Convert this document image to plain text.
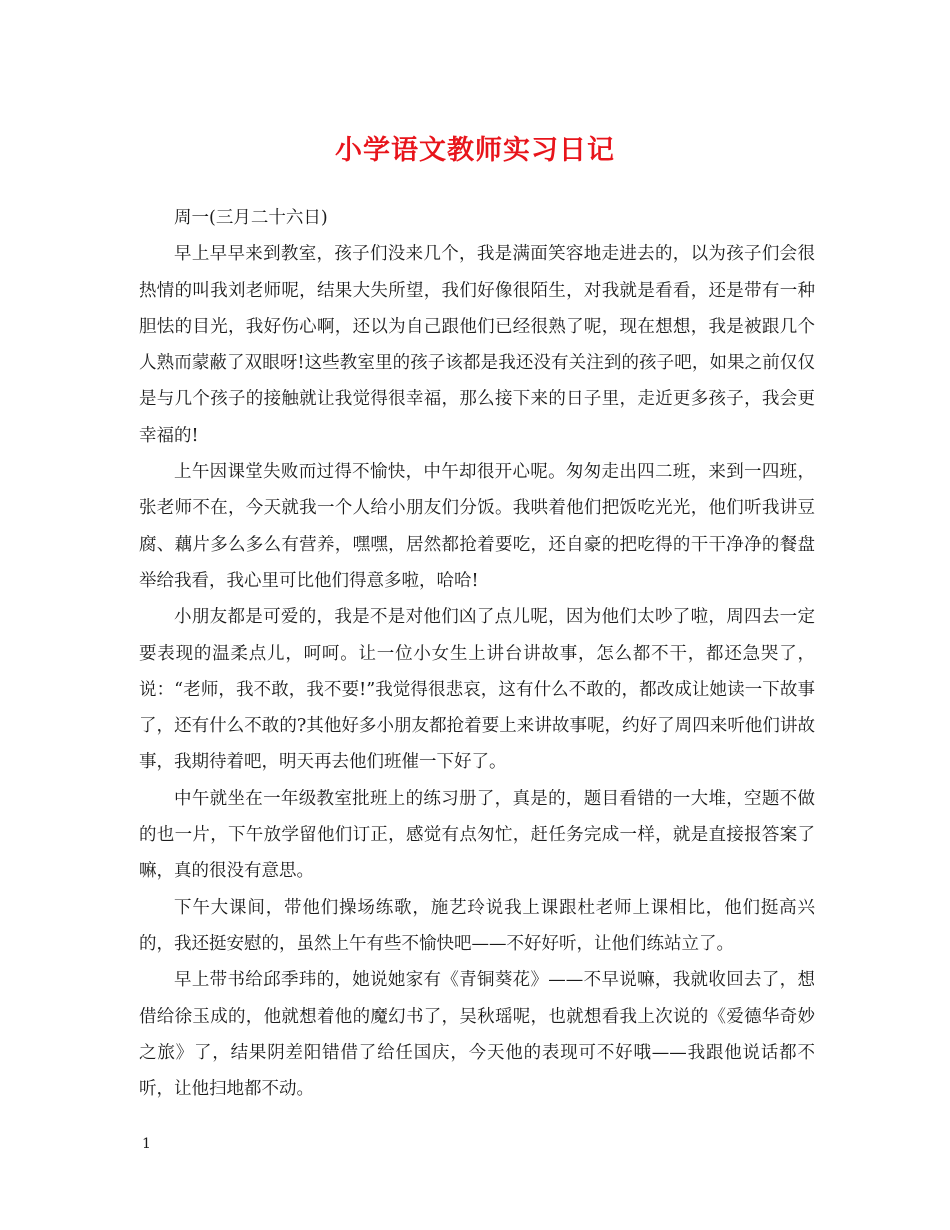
小学语文教师实习日记

周一(三月二十六日)

早上早早来到教室，孩子们没来几个，我是满面笑容地走进去的，以为孩子们会很热情的叫我刘老师呢，结果大失所望，我们好像很陌生，对我就是看看，还是带有一种胆怯的目光，我好伤心啊，还以为自己跟他们已经很熟了呢，现在想想，我是被跟几个人熟而蒙蔽了双眼呀!这些教室里的孩子该都是我还没有关注到的孩子吧，如果之前仅仅是与几个孩子的接触就让我觉得很幸福，那么接下来的日子里，走近更多孩子，我会更幸福的!

上午因课堂失败而过得不愉快，中午却很开心呢。匆匆走出四二班，来到一四班，张老师不在，今天就我一个人给小朋友们分饭。我哄着他们把饭吃光光，他们听我讲豆腐、藕片多么多么有营养，嘿嘿，居然都抢着要吃，还自豪的把吃得的干干净净的餐盘举给我看，我心里可比他们得意多啦，哈哈!

小朋友都是可爱的，我是不是对他们凶了点儿呢，因为他们太吵了啦，周四去一定要表现的温柔点儿，呵呵。让一位小女生上讲台讲故事，怎么都不干，都还急哭了，说：“老师，我不敢，我不要!”我觉得很悲哀，这有什么不敢的，都改成让她读一下故事了，还有什么不敢的?其他好多小朋友都抢着要上来讲故事呢，约好了周四来听他们讲故事，我期待着吧，明天再去他们班催一下好了。

中午就坐在一年级教室批班上的练习册了，真是的，题目看错的一大堆，空题不做的也一片，下午放学留他们订正，感觉有点匆忙，赶任务完成一样，就是直接报答案了嘛，真的很没有意思。

下午大课间，带他们操场练歌，施艺玲说我上课跟杜老师上课相比，他们挺高兴的，我还挺安慰的，虽然上午有些不愉快吧——不好好听，让他们练站立了。

早上带书给邱季玮的，她说她家有《青铜葵花》——不早说嘛，我就收回去了，想借给徐玉成的，他就想着他的魔幻书了，吴秋瑶呢，也就想看我上次说的《爱德华奇妙之旅》了，结果阴差阳错借了给任国庆，今天他的表现可不好哦——我跟他说话都不听，让他扫地都不动。

1
